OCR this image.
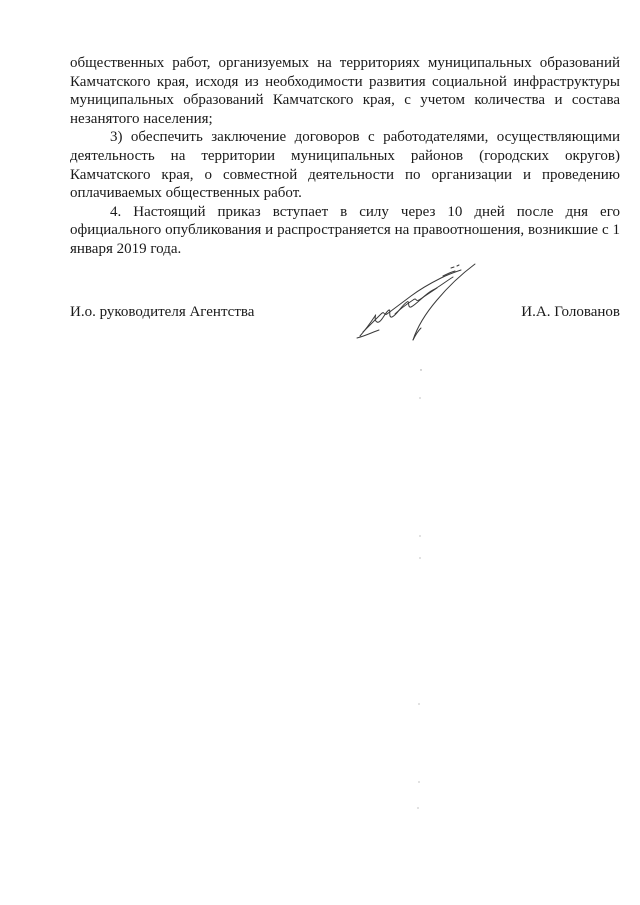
общественных работ, организуемых на территориях муниципальных образований Камчатского края, исходя из необходимости развития социальной инфраструктуры муниципальных образований Камчатского края, с учетом количества и состава незанятого населения;

3) обеспечить заключение договоров с работодателями, осуществляющими деятельность на территории муниципальных районов (городских округов) Камчатского края, о совместной деятельности по организации и проведению оплачиваемых общественных работ.

4. Настоящий приказ вступает в силу через 10 дней после дня его официального опубликования и распространяется на правоотношения, возникшие с 1 января 2019 года.

И.о. руководителя Агентства	И.А. Голованов
